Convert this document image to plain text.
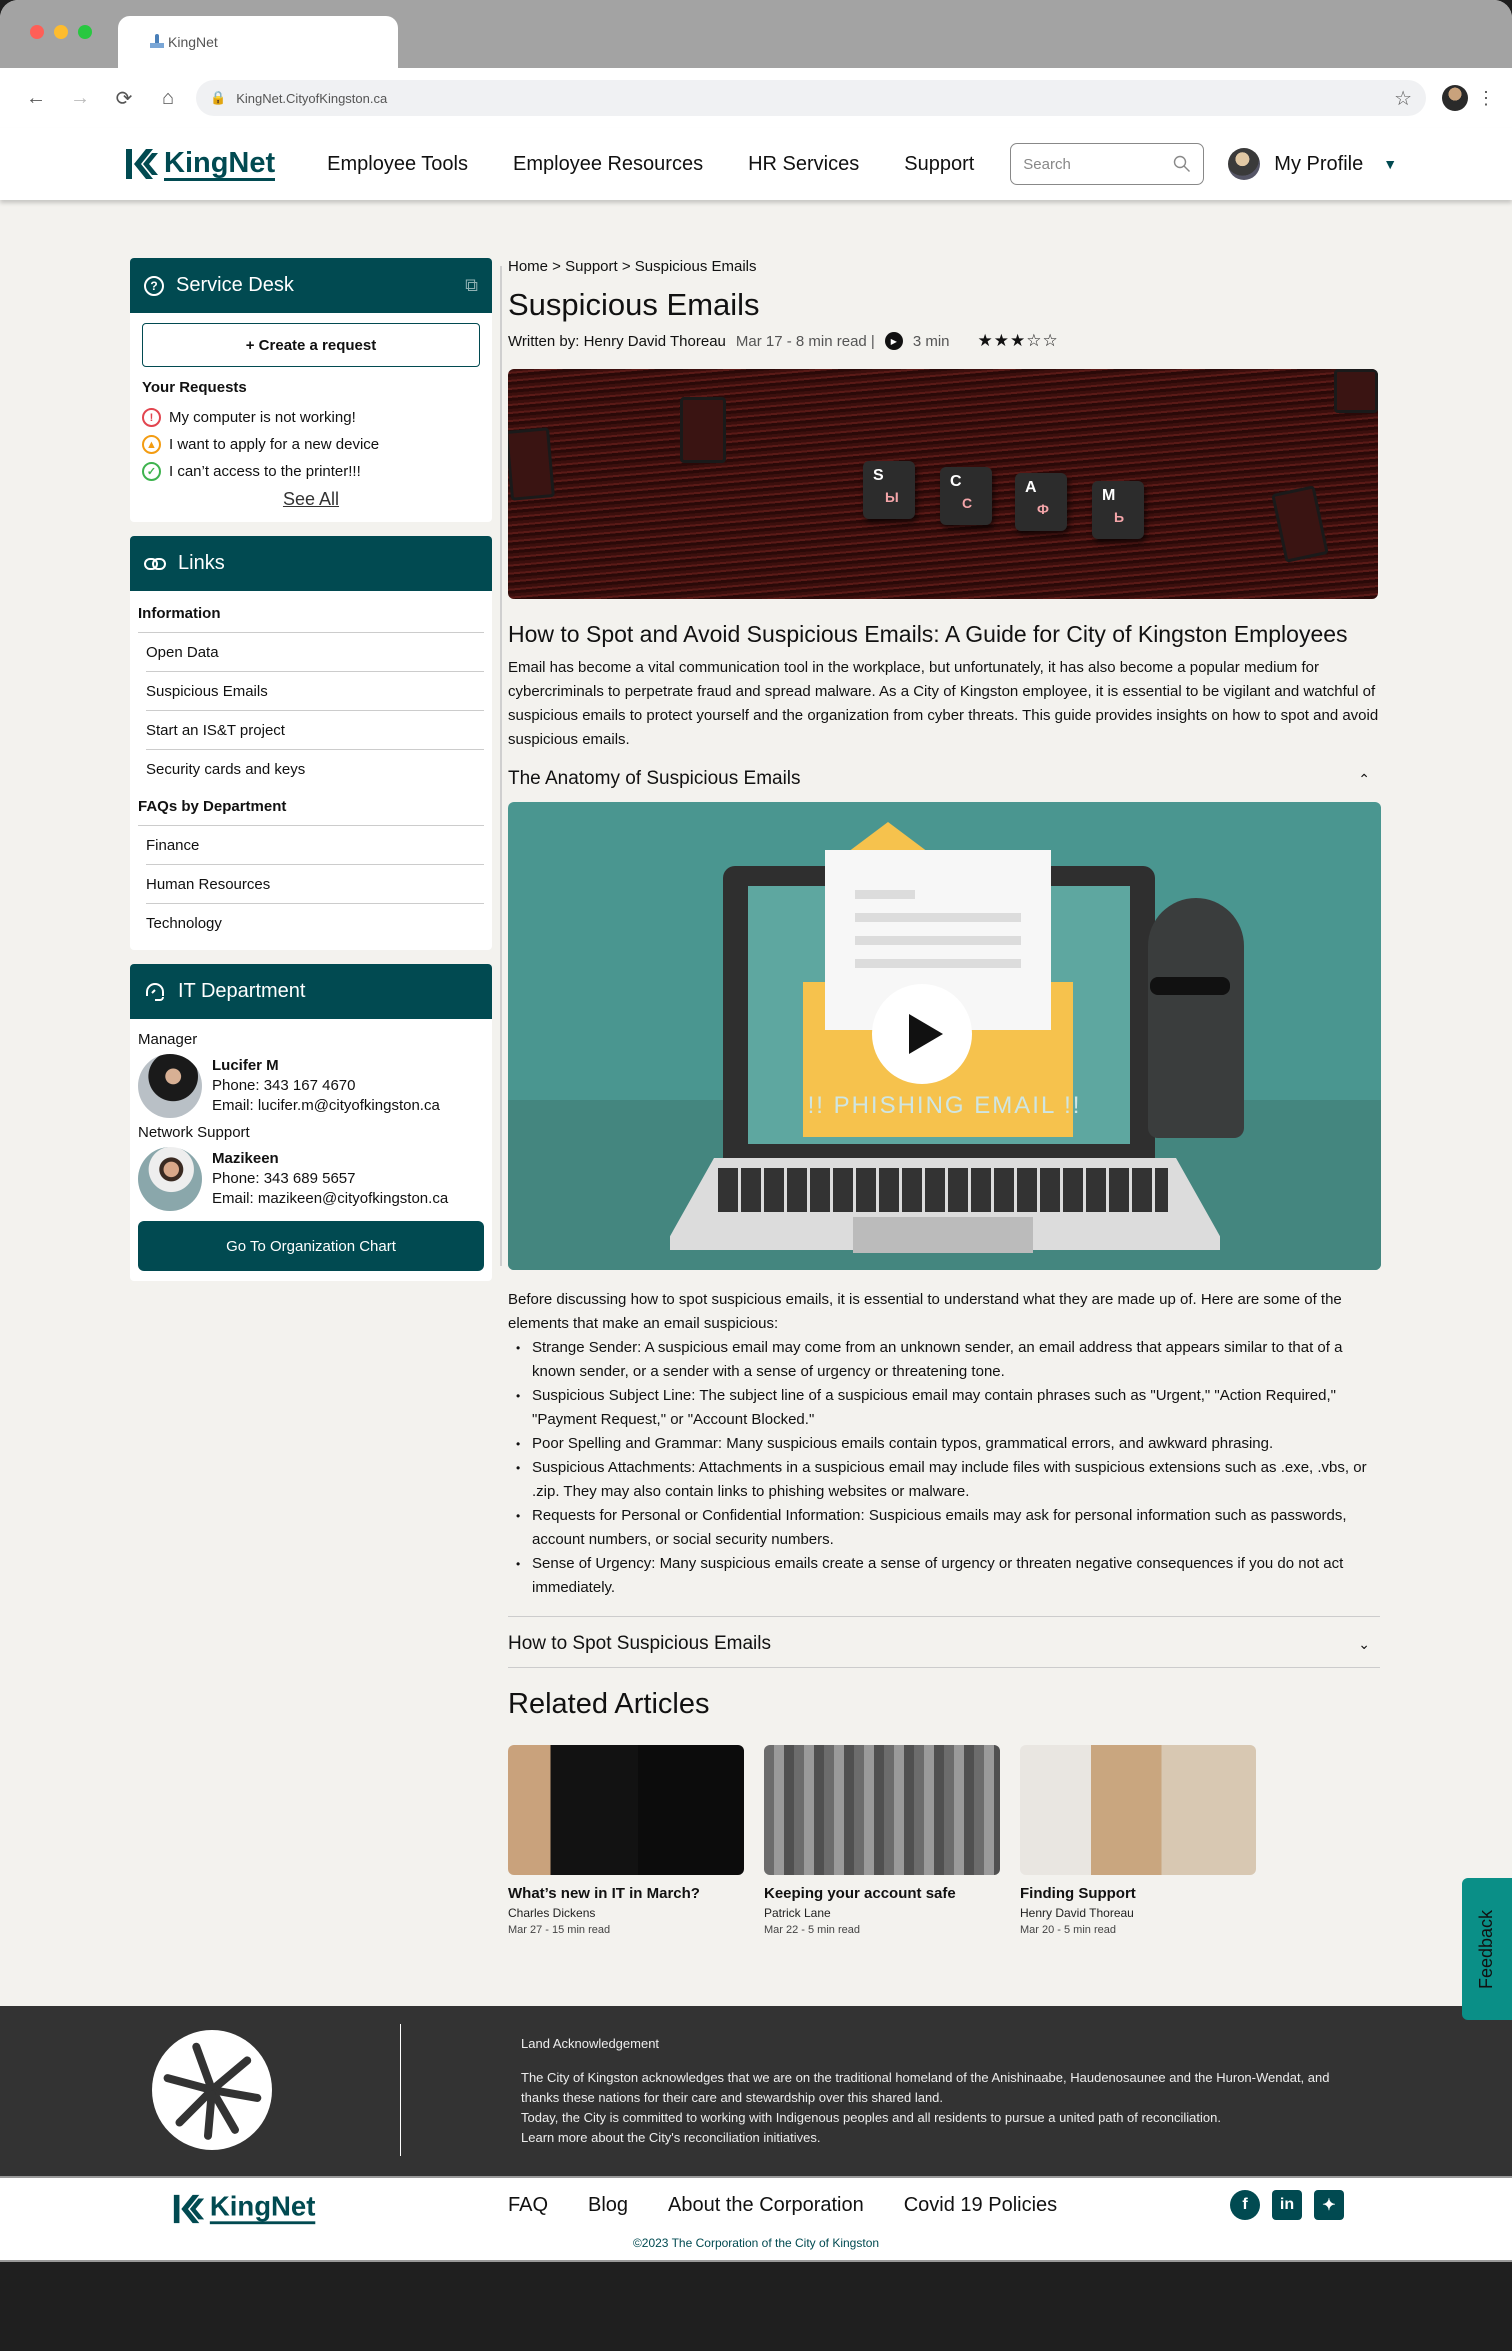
KingNet
←	→	⟳	⌂	🔒 KingNet.CityofKingston.ca	☆	⋮
KingNet	Employee Tools Employee Resources HR Services Support	Search	My Profile ▼
? Service Desk	⧉
+ Create a request
Your Requests
!	My computer is not working!
▲ I want to apply for a new device
✓ I can’t access to the printer!!!
See All
Links
Information
Open Data
Suspicious Emails
Start an IS&T project
Security cards and keys
FAQs by Department
Finance
Human Resources
Technology
IT Department
Manager
Lucifer M
Phone: 343 167 4670
Email: lucifer.m@cityofkingston.ca
Network Support
Mazikeen
Phone: 343 689 5657
Email: mazikeen@cityofkingston.ca
Go To Organization Chart
Home > Support > Suspicious Emails
Suspicious Emails
Written by: Henry David Thoreau Mar 17 - 8 min read |	▶	3 min ★★★☆☆
S
Ы
C
С
A
Ф
M
Ь
How to Spot and Avoid Suspicious Emails: A Guide for City of Kingston Employees

Email has become a vital communication tool in the workplace, but unfortunately, it has also become a popular medium for cybercriminals to perpetrate fraud and spread malware. As a City of Kingston employee, it is essential to be vigilant and watchful of suspicious emails to protect yourself and the organization from cyber threats. This guide provides insights on how to spot and avoid suspicious emails.

The Anatomy of Suspicious Emails	⌃
!! PHISHING EMAIL !!

Before discussing how to spot suspicious emails, it is essential to understand what they are made up of. Here are some of the elements that make an email suspicious:

• Strange Sender: A suspicious email may come from an unknown sender, an email address that appears similar to that of a known sender, or a sender with a sense of urgency or threatening tone.
• Suspicious Subject Line: The subject line of a suspicious email may contain phrases such as "Urgent," "Action Required," "Payment Request," or "Account Blocked."
• Poor Spelling and Grammar: Many suspicious emails contain typos, grammatical errors, and awkward phrasing.
• Suspicious Attachments: Attachments in a suspicious email may include files with suspicious extensions such as .exe, .vbs, or .zip. They may also contain links to phishing websites or malware.
• Requests for Personal or Confidential Information: Suspicious emails may ask for personal information such as passwords, account numbers, or social security numbers.
• Sense of Urgency: Many suspicious emails create a sense of urgency or threaten negative consequences if you do not act immediately.
How to Spot Suspicious Emails	⌄
Related Articles
What’s new in IT in March?
Charles Dickens
Mar 27 - 15 min read
Keeping your account safe
Patrick Lane
Mar 22 - 5 min read
Finding Support
Henry David Thoreau
Mar 20 - 5 min read	Feedback
Land Acknowledgement
The City of Kingston acknowledges that we are on the traditional homeland of the Anishinaabe, Haudenosaunee and the Huron-Wendat, and thanks these nations for their care and stewardship over this shared land.
Today, the City is committed to working with Indigenous peoples and all residents to pursue a united path of reconciliation.
Learn more about the City's reconciliation initiatives.
KingNet	FAQ Blog About the Corporation Covid 19 Policies	f	in	✦
©2023 The Corporation of the City of Kingston
